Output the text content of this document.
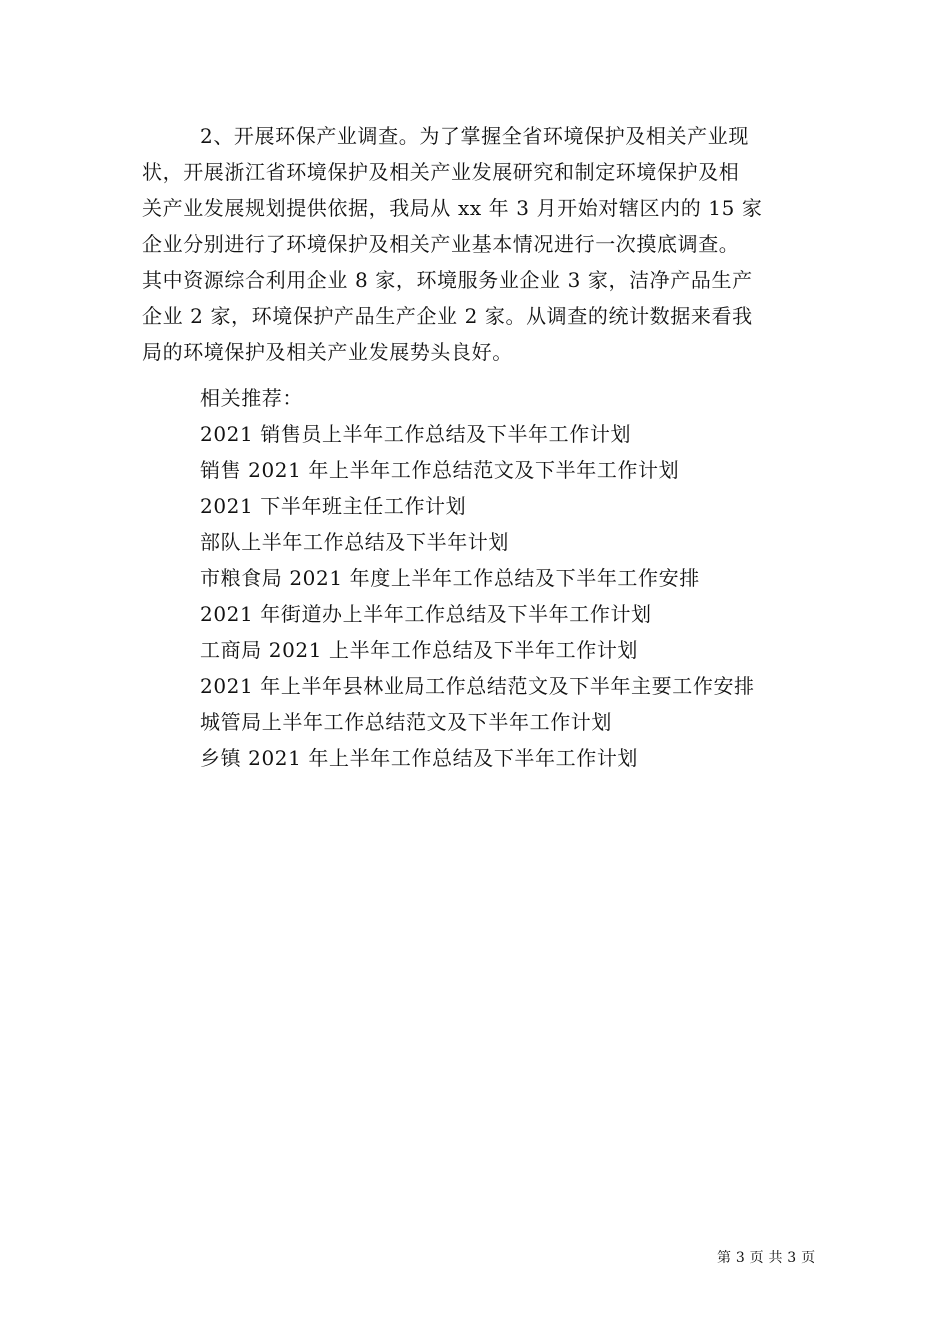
2、开展环保产业调查。为了掌握全省环境保护及相关产业现
状，开展浙江省环境保护及相关产业发展研究和制定环境保护及相
关产业发展规划提供依据，我局从 xx 年 3 月开始对辖区内的 15 家
企业分别进行了环境保护及相关产业基本情况进行一次摸底调查。
其中资源综合利用企业 8 家，环境服务业企业 3 家，洁净产品生产
企业 2 家，环境保护产品生产企业 2 家。从调查的统计数据来看我
局的环境保护及相关产业发展势头良好。
相关推荐：
2021 销售员上半年工作总结及下半年工作计划
销售 2021 年上半年工作总结范文及下半年工作计划
2021 下半年班主任工作计划
部队上半年工作总结及下半年计划
市粮食局 2021 年度上半年工作总结及下半年工作安排
2021 年街道办上半年工作总结及下半年工作计划
工商局 2021 上半年工作总结及下半年工作计划
2021 年上半年县林业局工作总结范文及下半年主要工作安排
城管局上半年工作总结范文及下半年工作计划
乡镇 2021 年上半年工作总结及下半年工作计划
第 3 页 共 3 页
